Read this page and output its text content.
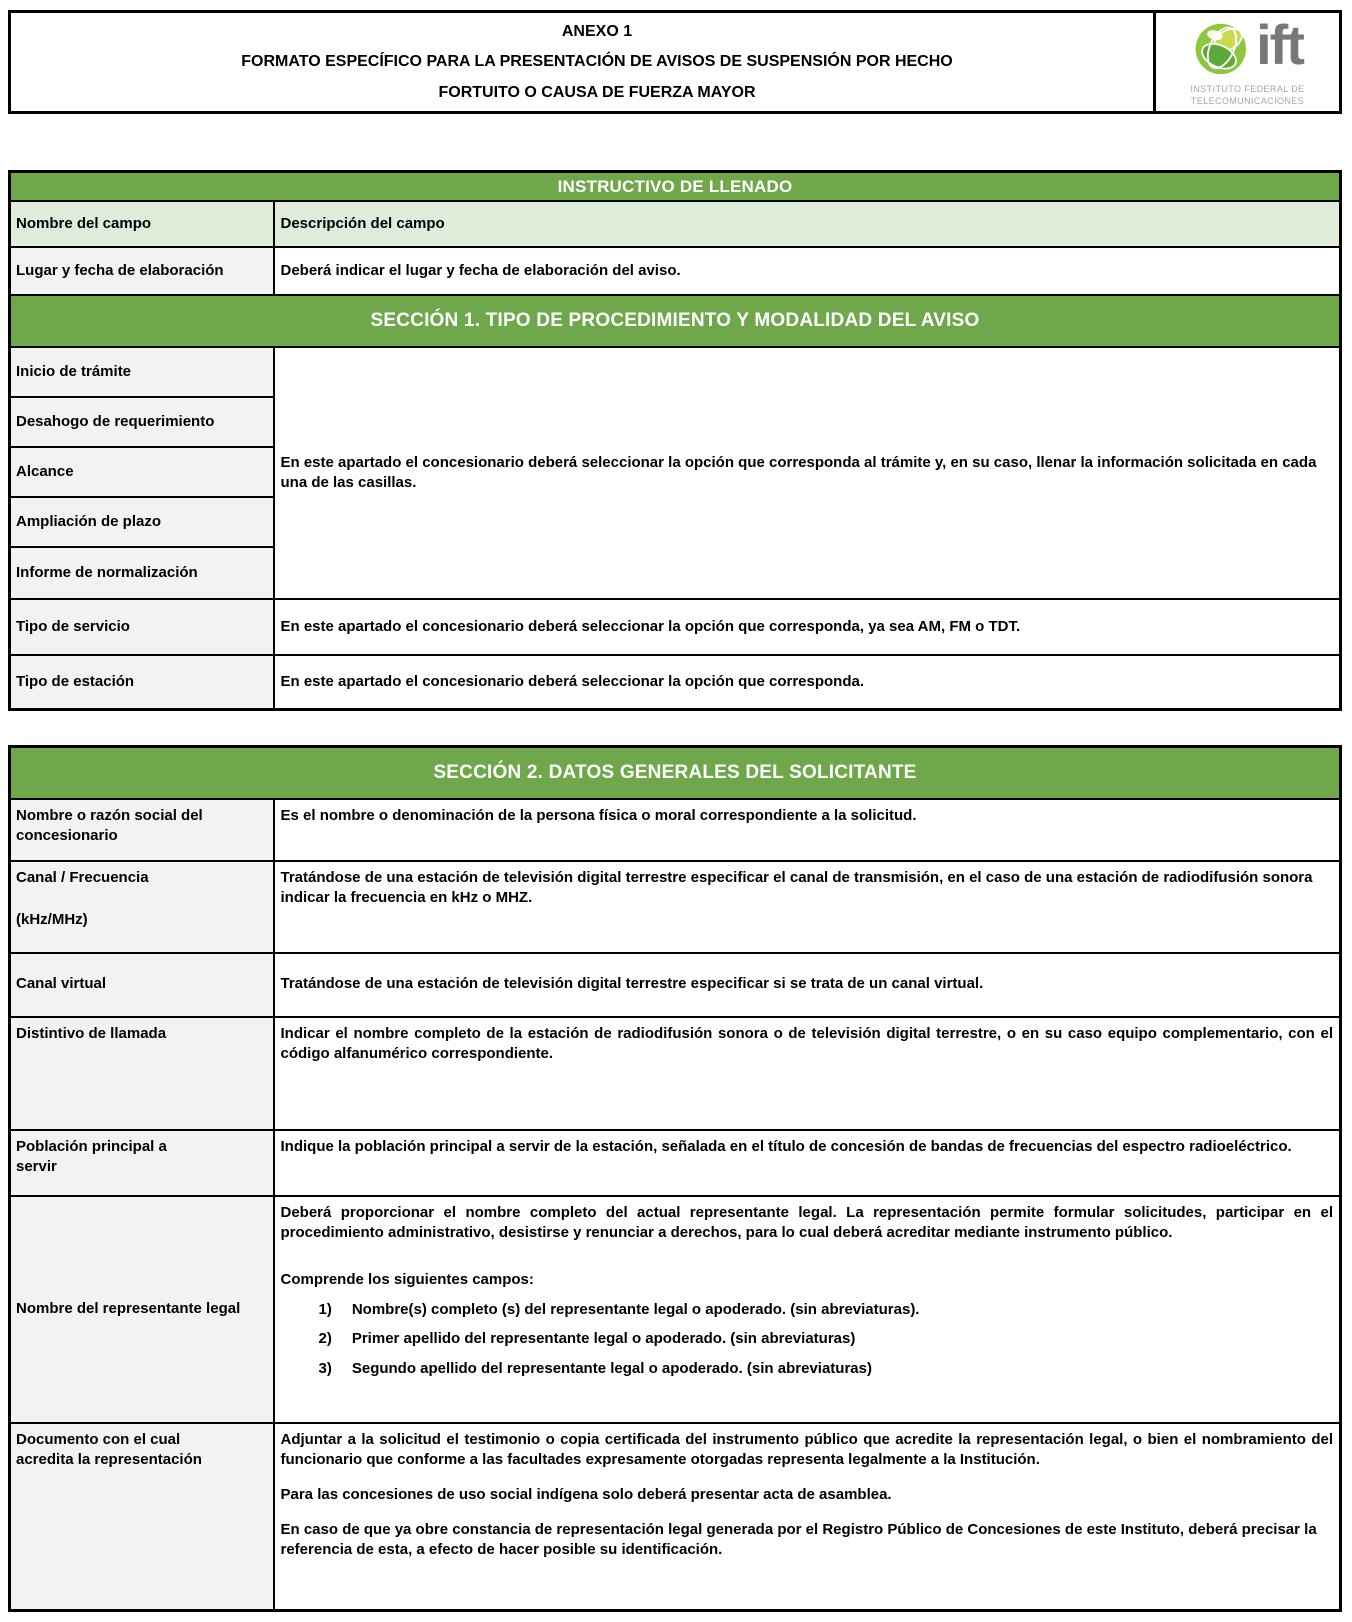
ANEXO 1
FORMATO ESPECÍFICO PARA LA PRESENTACIÓN DE AVISOS DE SUSPENSIÓN POR HECHO
FORTUITO O CAUSA DE FUERZA MAYOR
ift
INSTITUTO FEDERAL DE
TELECOMUNICACIONES
INSTRUCTIVO DE LLENADO	
Nombre del campo	Descripción del campo
Lugar y fecha de elaboración	Deberá indicar el lugar y fecha de elaboración del aviso.
SECCIÓN 1. TIPO DE PROCEDIMIENTO Y MODALIDAD DEL AVISO	
Inicio de trámite	En este apartado el concesionario deberá seleccionar la opción que corresponda al trámite y, en su caso, llenar la información solicitada en cada una de las casillas.
Desahogo de requerimiento	
Alcance	
Ampliación de plazo	
Informe de normalización	
Tipo de servicio	En este apartado el concesionario deberá seleccionar la opción que corresponda, ya sea AM, FM o TDT.
Tipo de estación	En este apartado el concesionario deberá seleccionar la opción que corresponda.
SECCIÓN 2. DATOS GENERALES DEL SOLICITANTE	
Nombre o razón social del concesionario	Es el nombre o denominación de la persona física o moral correspondiente a la solicitud.

Canal / Frecuencia
(kHz/MHz)	Tratándose de una estación de televisión digital terrestre especificar el canal de transmisión, en el caso de una estación de radiodifusión sonora indicar la frecuencia en kHz o MHZ.
Canal virtual	Tratándose de una estación de televisión digital terrestre especificar si se trata de un canal virtual.
Distintivo de llamada	Indicar el nombre completo de la estación de radiodifusión sonora o de televisión digital terrestre, o en su caso equipo complementario, con el código alfanumérico correspondiente.

Población principal a
servir	Indique la población principal a servir de la estación, señalada en el título de concesión de bandas de frecuencias del espectro radioeléctrico.
Nombre del representante legal	

Deberá proporcionar el nombre completo del actual representante legal. La representación permite formular solicitudes, participar en el procedimiento administrativo, desistirse y renunciar a derechos, para lo cual deberá acreditar mediante instrumento público.

Comprende los siguientes campos:

1) Nombre(s) completo (s) del representante legal o apoderado. (sin abreviaturas).
2) Primer apellido del representante legal o apoderado. (sin abreviaturas)
3) Segundo apellido del representante legal o apoderado. (sin abreviaturas)

Documento con el cual
acredita la representación

Adjuntar a la solicitud el testimonio o copia certificada del instrumento público que acredite la representación legal, o bien el nombramiento del funcionario que conforme a las facultades expresamente otorgadas representa legalmente a la Institución.

Para las concesiones de uso social indígena solo deberá presentar acta de asamblea.

En caso de que ya obre constancia de representación legal generada por el Registro Público de Concesiones de este Instituto, deberá precisar la referencia de esta, a efecto de hacer posible su identificación.
